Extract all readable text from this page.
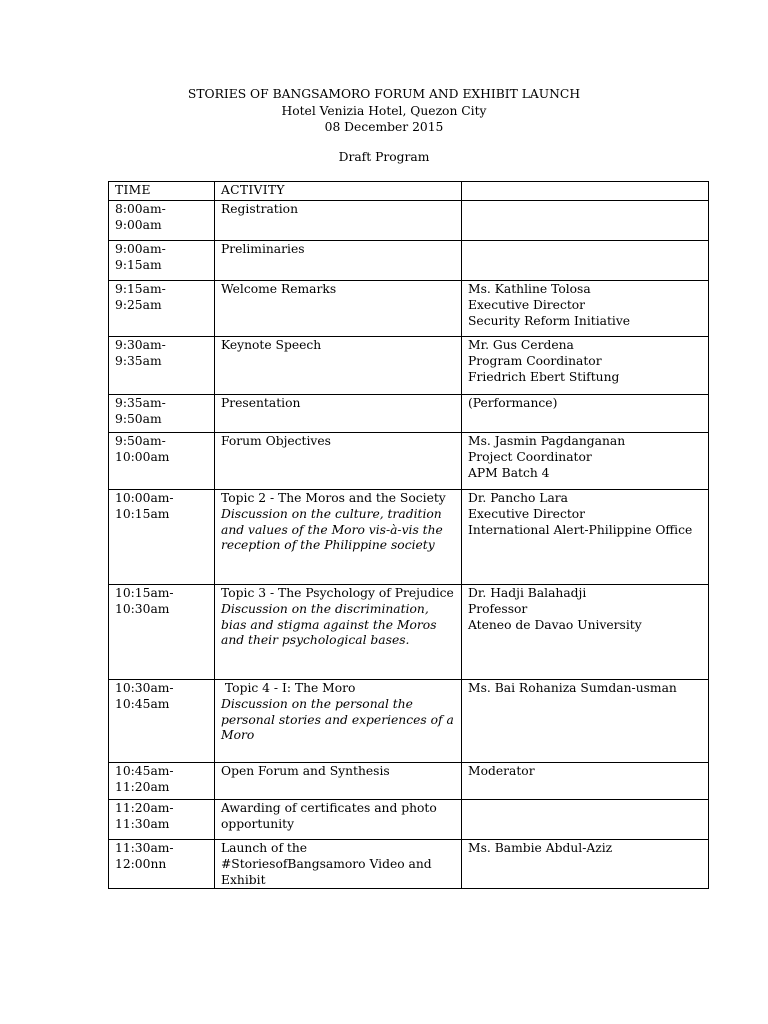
STORIES OF BANGSAMORO FORUM AND EXHIBIT LAUNCH
Hotel Venizia Hotel, Quezon City
08 December 2015
Draft Program
TIME	ACTIVITY	

8:00am-
9:00am	Registration	

9:00am-
9:15am	Preliminaries	

9:15am-
9:25am	Welcome Remarks	Ms. Kathline Tolosa
Executive Director
Security Reform Initiative

9:30am-
9:35am	Keynote Speech	Mr. Gus Cerdena
Program Coordinator
Friedrich Ebert Stiftung

9:35am-
9:50am	Presentation	(Performance)

9:50am-
10:00am	Forum Objectives	Ms. Jasmin Pagdanganan
Project Coordinator
APM Batch 4

10:00am-
10:15am	Topic 2 - The Moros and the Society
Discussion on the culture, tradition and values of the Moro vis-à-vis the reception of the Philippine society	Dr. Pancho Lara
Executive Director
International Alert-Philippine Office

10:15am-
10:30am	Topic 3 - The Psychology of Prejudice
Discussion on the discrimination, bias and stigma against the Moros and their psychological bases.	Dr. Hadji Balahadji
Professor
Ateneo de Davao University

10:30am-
10:45am	Topic 4 - I: The Moro
Discussion on the personal the personal stories and experiences of a Moro	Ms. Bai Rohaniza Sumdan-usman

10:45am-
11:20am	Open Forum and Synthesis	Moderator

11:20am-
11:30am	Awarding of certificates and photo opportunity	

11:30am-
12:00nn	Launch of the #StoriesofBangsamoro Video and Exhibit	Ms. Bambie Abdul-Aziz
